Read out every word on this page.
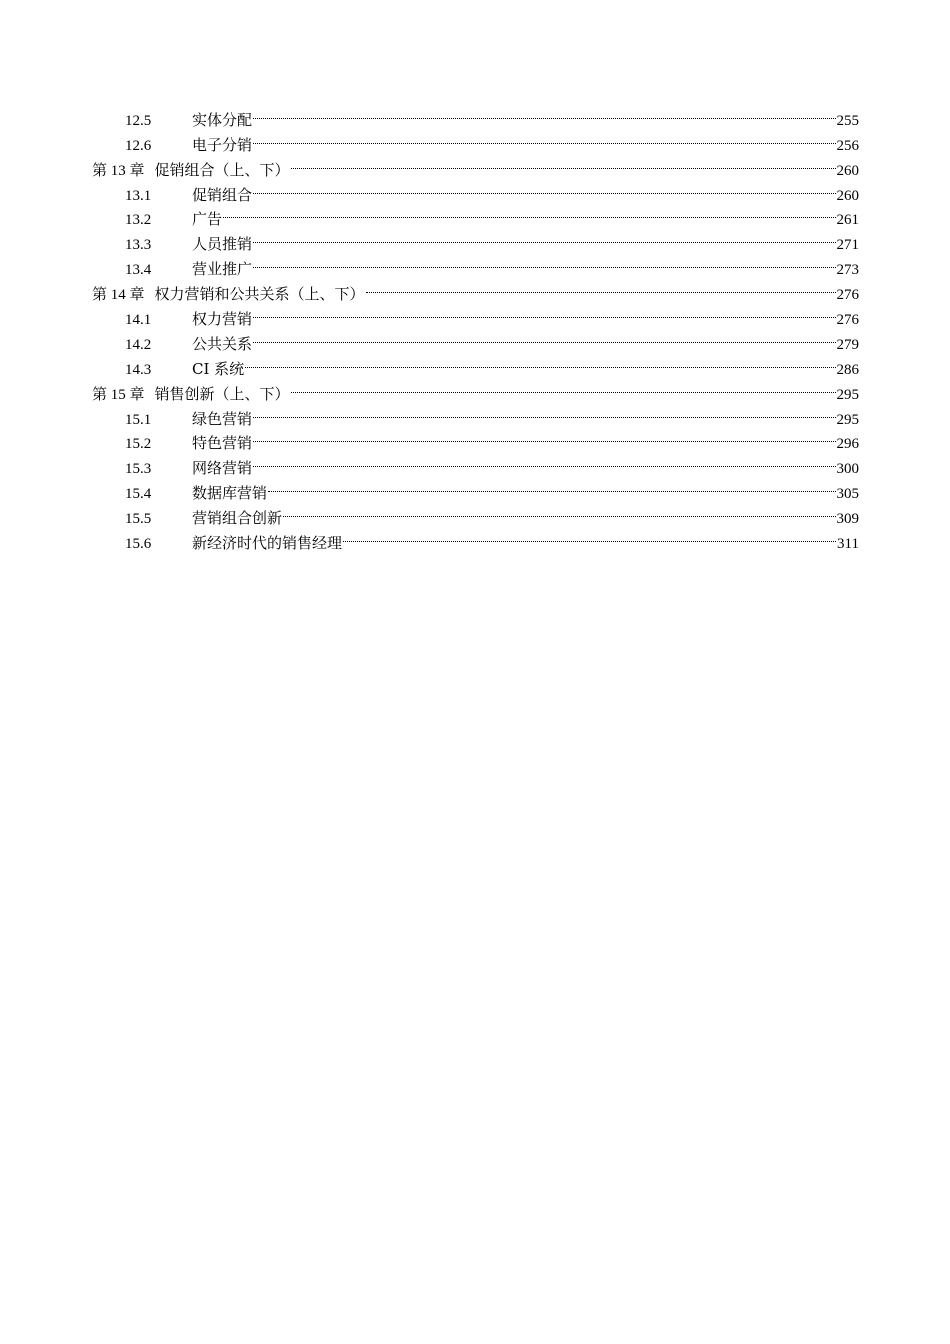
12.5	实体分配	255
12.6	电子分销	256
第 13 章 促销组合（上、下）	260
13.1	促销组合	260
13.2	广告	261
13.3	人员推销	271
13.4	营业推广	273
第 14 章 权力营销和公共关系（上、下）	276
14.1	权力营销	276
14.2	公共关系	279
14.3	CI 系统	286
第 15 章 销售创新（上、下）	295
15.1	绿色营销	295
15.2	特色营销	296
15.3	网络营销	300
15.4	数据库营销	305
15.5	营销组合创新	309
15.6	新经济时代的销售经理	311
